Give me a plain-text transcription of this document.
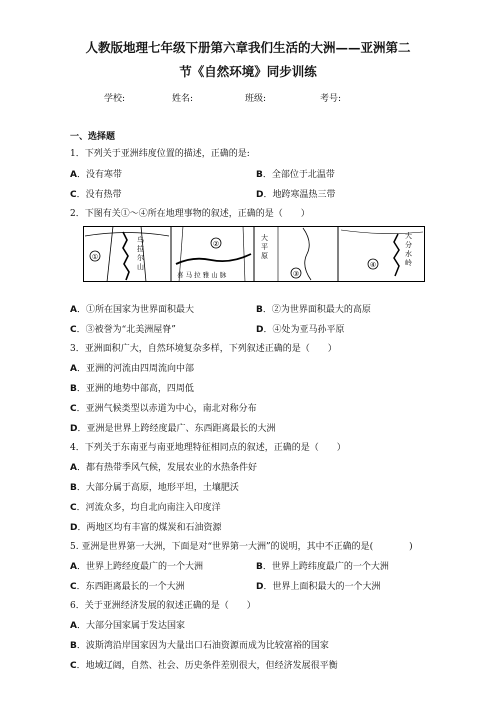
人教版地理七年级下册第六章我们生活的大洲——亚洲第二
节《自然环境》同步训练
学校:	姓名:	班级:	考号:
一、选择题
1．下列关于亚洲纬度位置的描述，正确的是:
A．没有寒带	B．全部位于北温带
C．没有热带	D．地跨寒温热三带
2．下图有关①～④所在地理事物的叙述，正确的是（　　）
①
乌
拉
尔
山
②
喜 马 拉 雅 山 脉
大
平
原
③
④
大
分
水
岭
A．①所在国家为世界面积最大	B．②为世界面积最大的高原
C．③被誉为“北美洲屋脊”	D．④处为亚马孙平原
3．亚洲面积广大，自然环境复杂多样，下列叙述正确的是（　　）
A．亚洲的河流由四周流向中部
B．亚洲的地势中部高，四周低
C．亚洲气候类型以赤道为中心，南北对称分布
D．亚洲是世界上跨经度最广、东西距离最长的大洲
4．下列关于东南亚与南亚地理特征相同点的叙述，正确的是（　　）
A．都有热带季风气候，发展农业的水热条件好
B．大部分属于高原，地形平坦，土壤肥沃
C．河流众多，均自北向南注入印度洋
D．两地区均有丰富的煤炭和石油资源
5. 亚洲是世界第一大洲，下面是对“世界第一大洲”的说明，其中不正确的是(　　　　)
A．世界上跨经度最广的一个大洲	B．世界上跨纬度最广的一个大洲
C．东西距离最长的一个大洲	D．世界上面积最大的一个大洲
6．关于亚洲经济发展的叙述正确的是（　　）
A．大部分国家属于发达国家
B．波斯湾沿岸国家因为大量出口石油资源而成为比较富裕的国家
C．地域辽阔，自然、社会、历史条件差别很大，但经济发展很平衡
